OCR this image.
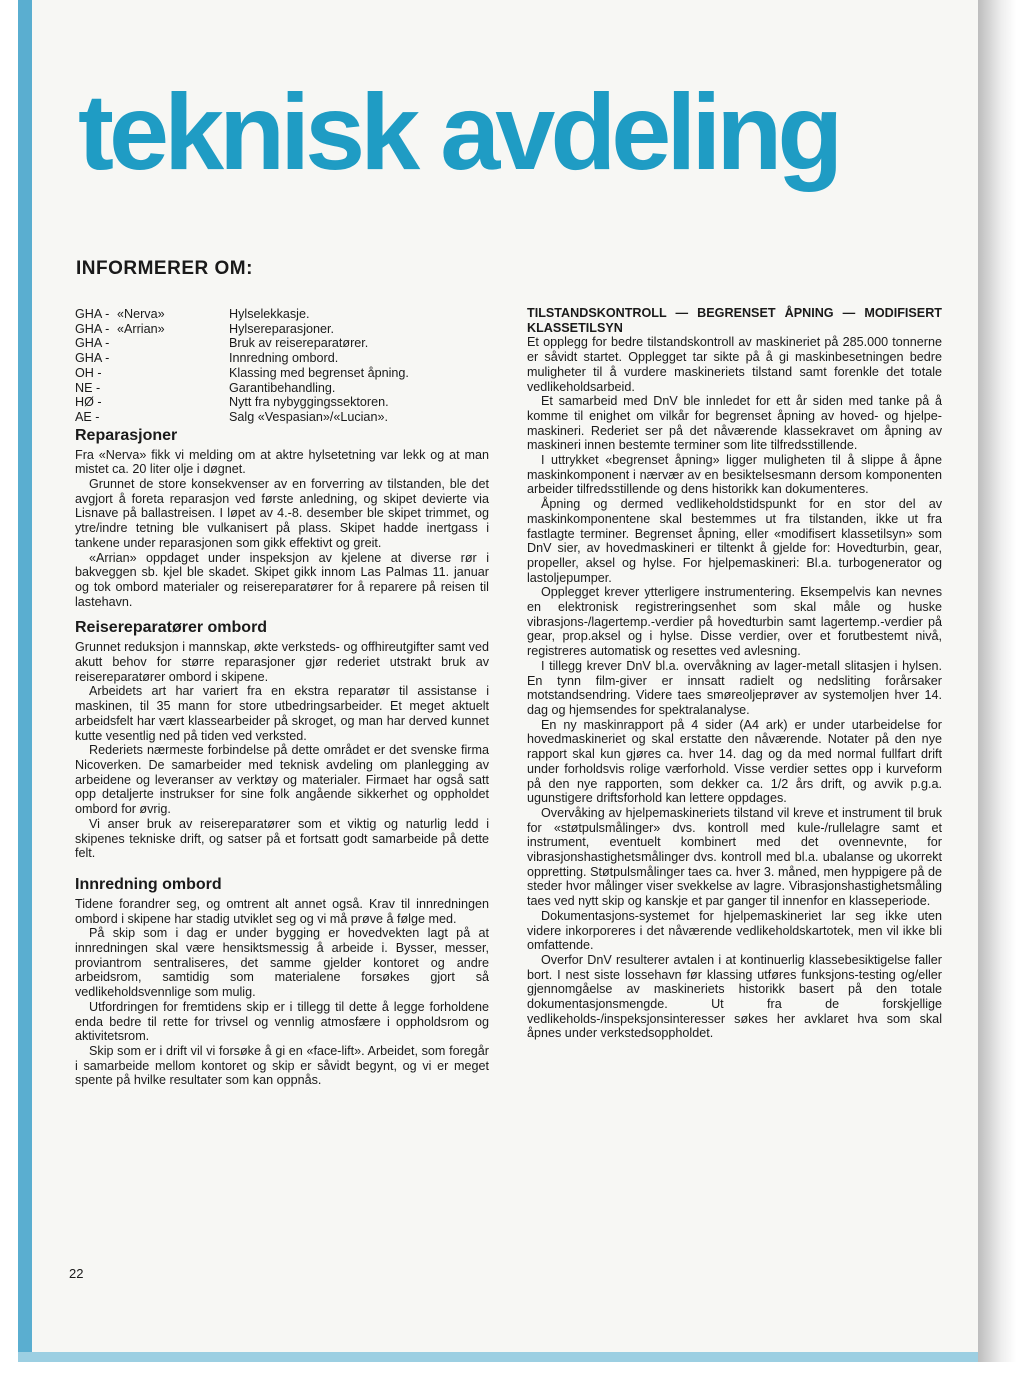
teknisk avdeling
INFORMERER OM:
GHA - «Nerva»	Hylselekkasje.
GHA - «Arrian»	Hylsereparasjoner.
GHA -	Bruk av reisereparatører.
GHA -	Innredning ombord.
OH -	Klassing med begrenset åpning.
NE -	Garantibehandling.
HØ -	Nytt fra nybyggingssektoren.
AE -	Salg «Vespasian»/«Lucian».
Reparasjoner

Fra «Nerva» fikk vi melding om at aktre hylsetetning var lekk og at man mistet ca. 20 liter olje i døgnet.

Grunnet de store konsekvenser av en forverring av tilstanden, ble det avgjort å foreta reparasjon ved første anledning, og skipet devierte via Lisnave på ballastreisen. I løpet av 4.-8. desember ble skipet trimmet, og ytre/indre tetning ble vulkanisert på plass. Skipet hadde inertgass i tankene under reparasjonen som gikk effektivt og greit.

«Arrian» oppdaget under inspeksjon av kjelene at diverse rør i bakveggen sb. kjel ble skadet. Skipet gikk innom Las Palmas 11. januar og tok ombord materialer og reisereparatører for å reparere på reisen til lastehavn.

Reisereparatører ombord

Grunnet reduksjon i mannskap, økte verksteds- og offhireutgifter samt ved akutt behov for større reparasjoner gjør rederiet utstrakt bruk av reisereparatører ombord i skipene.

Arbeidets art har variert fra en ekstra reparatør til assistanse i maskinen, til 35 mann for store utbedringsarbeider. Et meget aktuelt arbeidsfelt har vært klassearbeider på skroget, og man har derved kunnet kutte vesentlig ned på tiden ved verksted.

Rederiets nærmeste forbindelse på dette området er det svenske firma Nicoverken. De samarbeider med teknisk avdeling om planlegging av arbeidene og leveranser av verktøy og materialer. Firmaet har også satt opp detaljerte instrukser for sine folk angående sikkerhet og oppholdet ombord for øvrig.

Vi anser bruk av reisereparatører som et viktig og naturlig ledd i skipenes tekniske drift, og satser på et fortsatt godt samarbeide på dette felt.

Innredning ombord

Tidene forandrer seg, og omtrent alt annet også. Krav til innredningen ombord i skipene har stadig utviklet seg og vi må prøve å følge med.

På skip som i dag er under bygging er hovedvekten lagt på at innredningen skal være hensiktsmessig å arbeide i. Bysser, messer, proviantrom sentraliseres, det samme gjelder kontoret og andre arbeidsrom, samtidig som materialene forsøkes gjort så vedlikeholdsvennlige som mulig.

Utfordringen for fremtidens skip er i tillegg til dette å legge forholdene enda bedre til rette for trivsel og vennlig atmosfære i oppholdsrom og aktivitetsrom.

Skip som er i drift vil vi forsøke å gi en «face-lift». Arbeidet, som foregår i samarbeide mellom kontoret og skip er såvidt begynt, og vi er meget spente på hvilke resultater som kan oppnås.

TILSTANDSKONTROLL — BEGRENSET ÅPNING — MODIFISERT KLASSETILSYN

Et opplegg for bedre tilstandskontroll av maskineriet på 285.000 tonnerne er såvidt startet. Opplegget tar sikte på å gi maskinbesetningen bedre muligheter til å vurdere maskineriets tilstand samt forenkle det totale vedlikeholdsarbeid.

Et samarbeid med DnV ble innledet for ett år siden med tanke på å komme til enighet om vilkår for begrenset åpning av hoved- og hjelpe-maskineri. Rederiet ser på det nåværende klassekravet om åpning av maskineri innen bestemte terminer som lite tilfredsstillende.

I uttrykket «begrenset åpning» ligger muligheten til å slippe å åpne maskinkomponent i nærvær av en besiktelsesmann dersom komponenten arbeider tilfredsstillende og dens historikk kan dokumenteres.

Åpning og dermed vedlikeholdstidspunkt for en stor del av maskinkomponentene skal bestemmes ut fra tilstanden, ikke ut fra fastlagte terminer. Begrenset åpning, eller «modifisert klassetilsyn» som DnV sier, av hovedmaskineri er tiltenkt å gjelde for: Hovedturbin, gear, propeller, aksel og hylse. For hjelpemaskineri: Bl.a. turbogenerator og lastoljepumper.

Opplegget krever ytterligere instrumentering. Eksempelvis kan nevnes en elektronisk registreringsenhet som skal måle og huske vibrasjons-/lagertemp.-verdier på hovedturbin samt lagertemp.-verdier på gear, prop.aksel og i hylse. Disse verdier, over et forutbestemt nivå, registreres automatisk og resettes ved avlesning.

I tillegg krever DnV bl.a. overvåkning av lager-metall slitasjen i hylsen. En tynn film-giver er innsatt radielt og nedsliting forårsaker motstandsendring. Videre taes smøreoljeprøver av systemoljen hver 14. dag og hjemsendes for spektralanalyse.

En ny maskinrapport på 4 sider (A4 ark) er under utarbeidelse for hovedmaskineriet og skal erstatte den nåværende. Notater på den nye rapport skal kun gjøres ca. hver 14. dag og da med normal fullfart drift under forholdsvis rolige værforhold. Visse verdier settes opp i kurveform på den nye rapporten, som dekker ca. 1/2 års drift, og avvik p.g.a. ugunstigere driftsforhold kan lettere oppdages.

Overvåking av hjelpemaskineriets tilstand vil kreve et instrument til bruk for «støtpulsmålinger» dvs. kontroll med kule-/rullelagre samt et instrument, eventuelt kombinert med det ovennevnte, for vibrasjonshastighetsmålinger dvs. kontroll med bl.a. ubalanse og ukorrekt oppretting. Støtpulsmålinger taes ca. hver 3. måned, men hyppigere på de steder hvor målinger viser svekkelse av lagre. Vibrasjonshastighetsmåling taes ved nytt skip og kanskje et par ganger til innenfor en klasseperiode.

Dokumentasjons-systemet for hjelpemaskineriet lar seg ikke uten videre inkorporeres i det nåværende vedlikeholdskartotek, men vil ikke bli omfattende.

Overfor DnV resulterer avtalen i at kontinuerlig klassebesiktigelse faller bort. I nest siste lossehavn før klassing utføres funksjons-testing og/eller gjennomgåelse av maskineriets historikk basert på den totale dokumentasjonsmengde. Ut fra de forskjellige vedlikeholds-/inspeksjonsinteresser søkes her avklaret hva som skal åpnes under verkstedsoppholdet.

22
